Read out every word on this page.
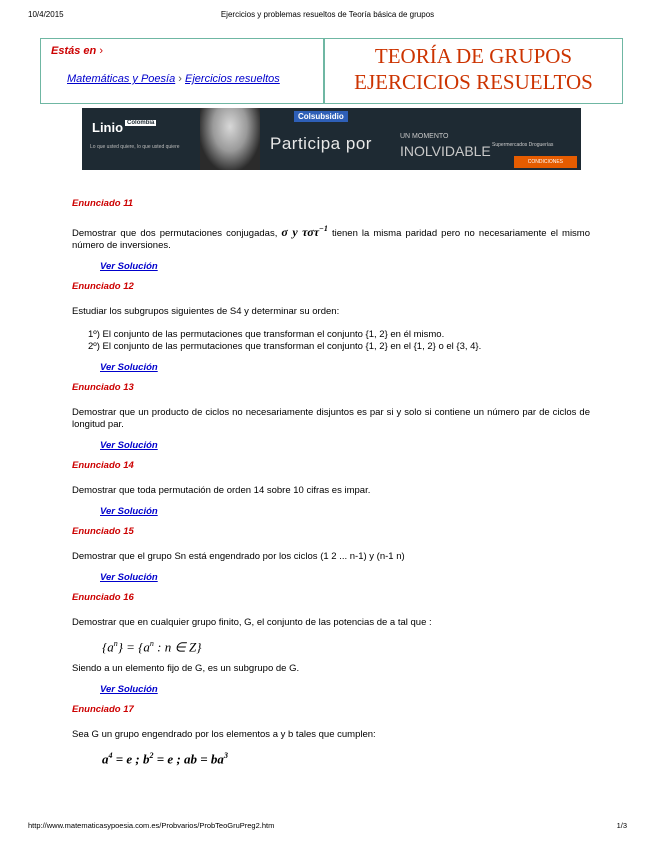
10/4/2015	Ejercicios y problemas resueltos de Teoría básica de grupos
Estás en ›
Matemáticas y Poesía › Ejercicios resueltos
TEORÍA DE GRUPOS
EJERCICIOS RESUELTOS
Linio Colombia
Lo que usted quiere, lo que usted quiere
Colsubsidio
Participa por	UN MOMENTO
INOLVIDABLE Supermercados Droguerías
CONDICIONES
Enunciado 11
Demostrar que dos permutaciones conjugadas, σ y τστ$^{-1}$ tienen la misma paridad pero no necesariamente el mismo número de inversiones.
Ver Solución
Enunciado 12
Estudiar los subgrupos siguientes de S4 y determinar su orden:
1º) El conjunto de las permutaciones que transforman el conjunto {1, 2} en él mismo.
2º) El conjunto de las permutaciones que transforman el conjunto {1, 2} en el {1, 2} o el {3, 4}.
Ver Solución
Enunciado 13
Demostrar que un producto de ciclos no necesariamente disjuntos es par si y solo si contiene un número par de ciclos de longitud par.
Ver Solución
Enunciado 14
Demostrar que toda permutación de orden 14 sobre 10 cifras es impar.
Ver Solución
Enunciado 15
Demostrar que el grupo Sn está engendrado por los ciclos (1 2 ... n-1) y (n-1 n)
Ver Solución
Enunciado 16
Demostrar que en cualquier grupo finito, G, el conjunto de las potencias de a tal que :
$\{a^n\} = \{a^n$ : n ∈ Z}
Siendo a un elemento fijo de G, es un subgrupo de G.
Ver Solución
Enunciado 17
Sea G un grupo engendrado por los elementos a y b tales que cumplen:
$a^4 = e$ ; $b^2 = e$ ; ab = $ba^3$
http://www.matematicasypoesia.com.es/Probvarios/ProbTeoGruPreg2.htm	1/3
